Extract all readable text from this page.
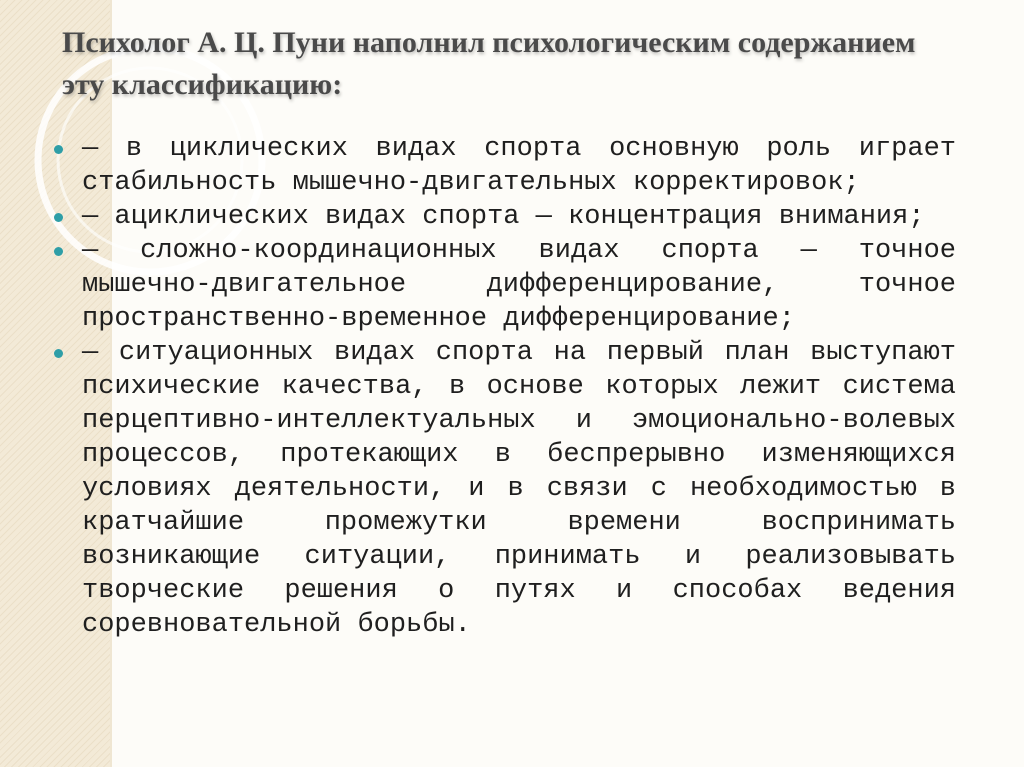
Психолог А. Ц. Пуни наполнил психологическим содержанием эту классификацию:
— в циклических видах спорта основную роль играет стабильность мышечно-двигательных корректировок;
— ациклических видах спорта — концентрация внимания;
— сложно-координационных видах спорта — точное мышечно-двигательное дифференцирование, точное пространственно-временное дифференцирование;
— ситуационных видах спорта на первый план выступают психические качества, в основе которых лежит система перцептивно-интеллектуальных и эмоционально-волевых процессов, протекающих в беспрерывно изменяющихся условиях деятельности, и в связи с необходимостью в кратчайшие промежутки времени воспринимать возникающие ситуации, принимать и реализовывать творческие решения о путях и способах ведения соревновательной борьбы.
